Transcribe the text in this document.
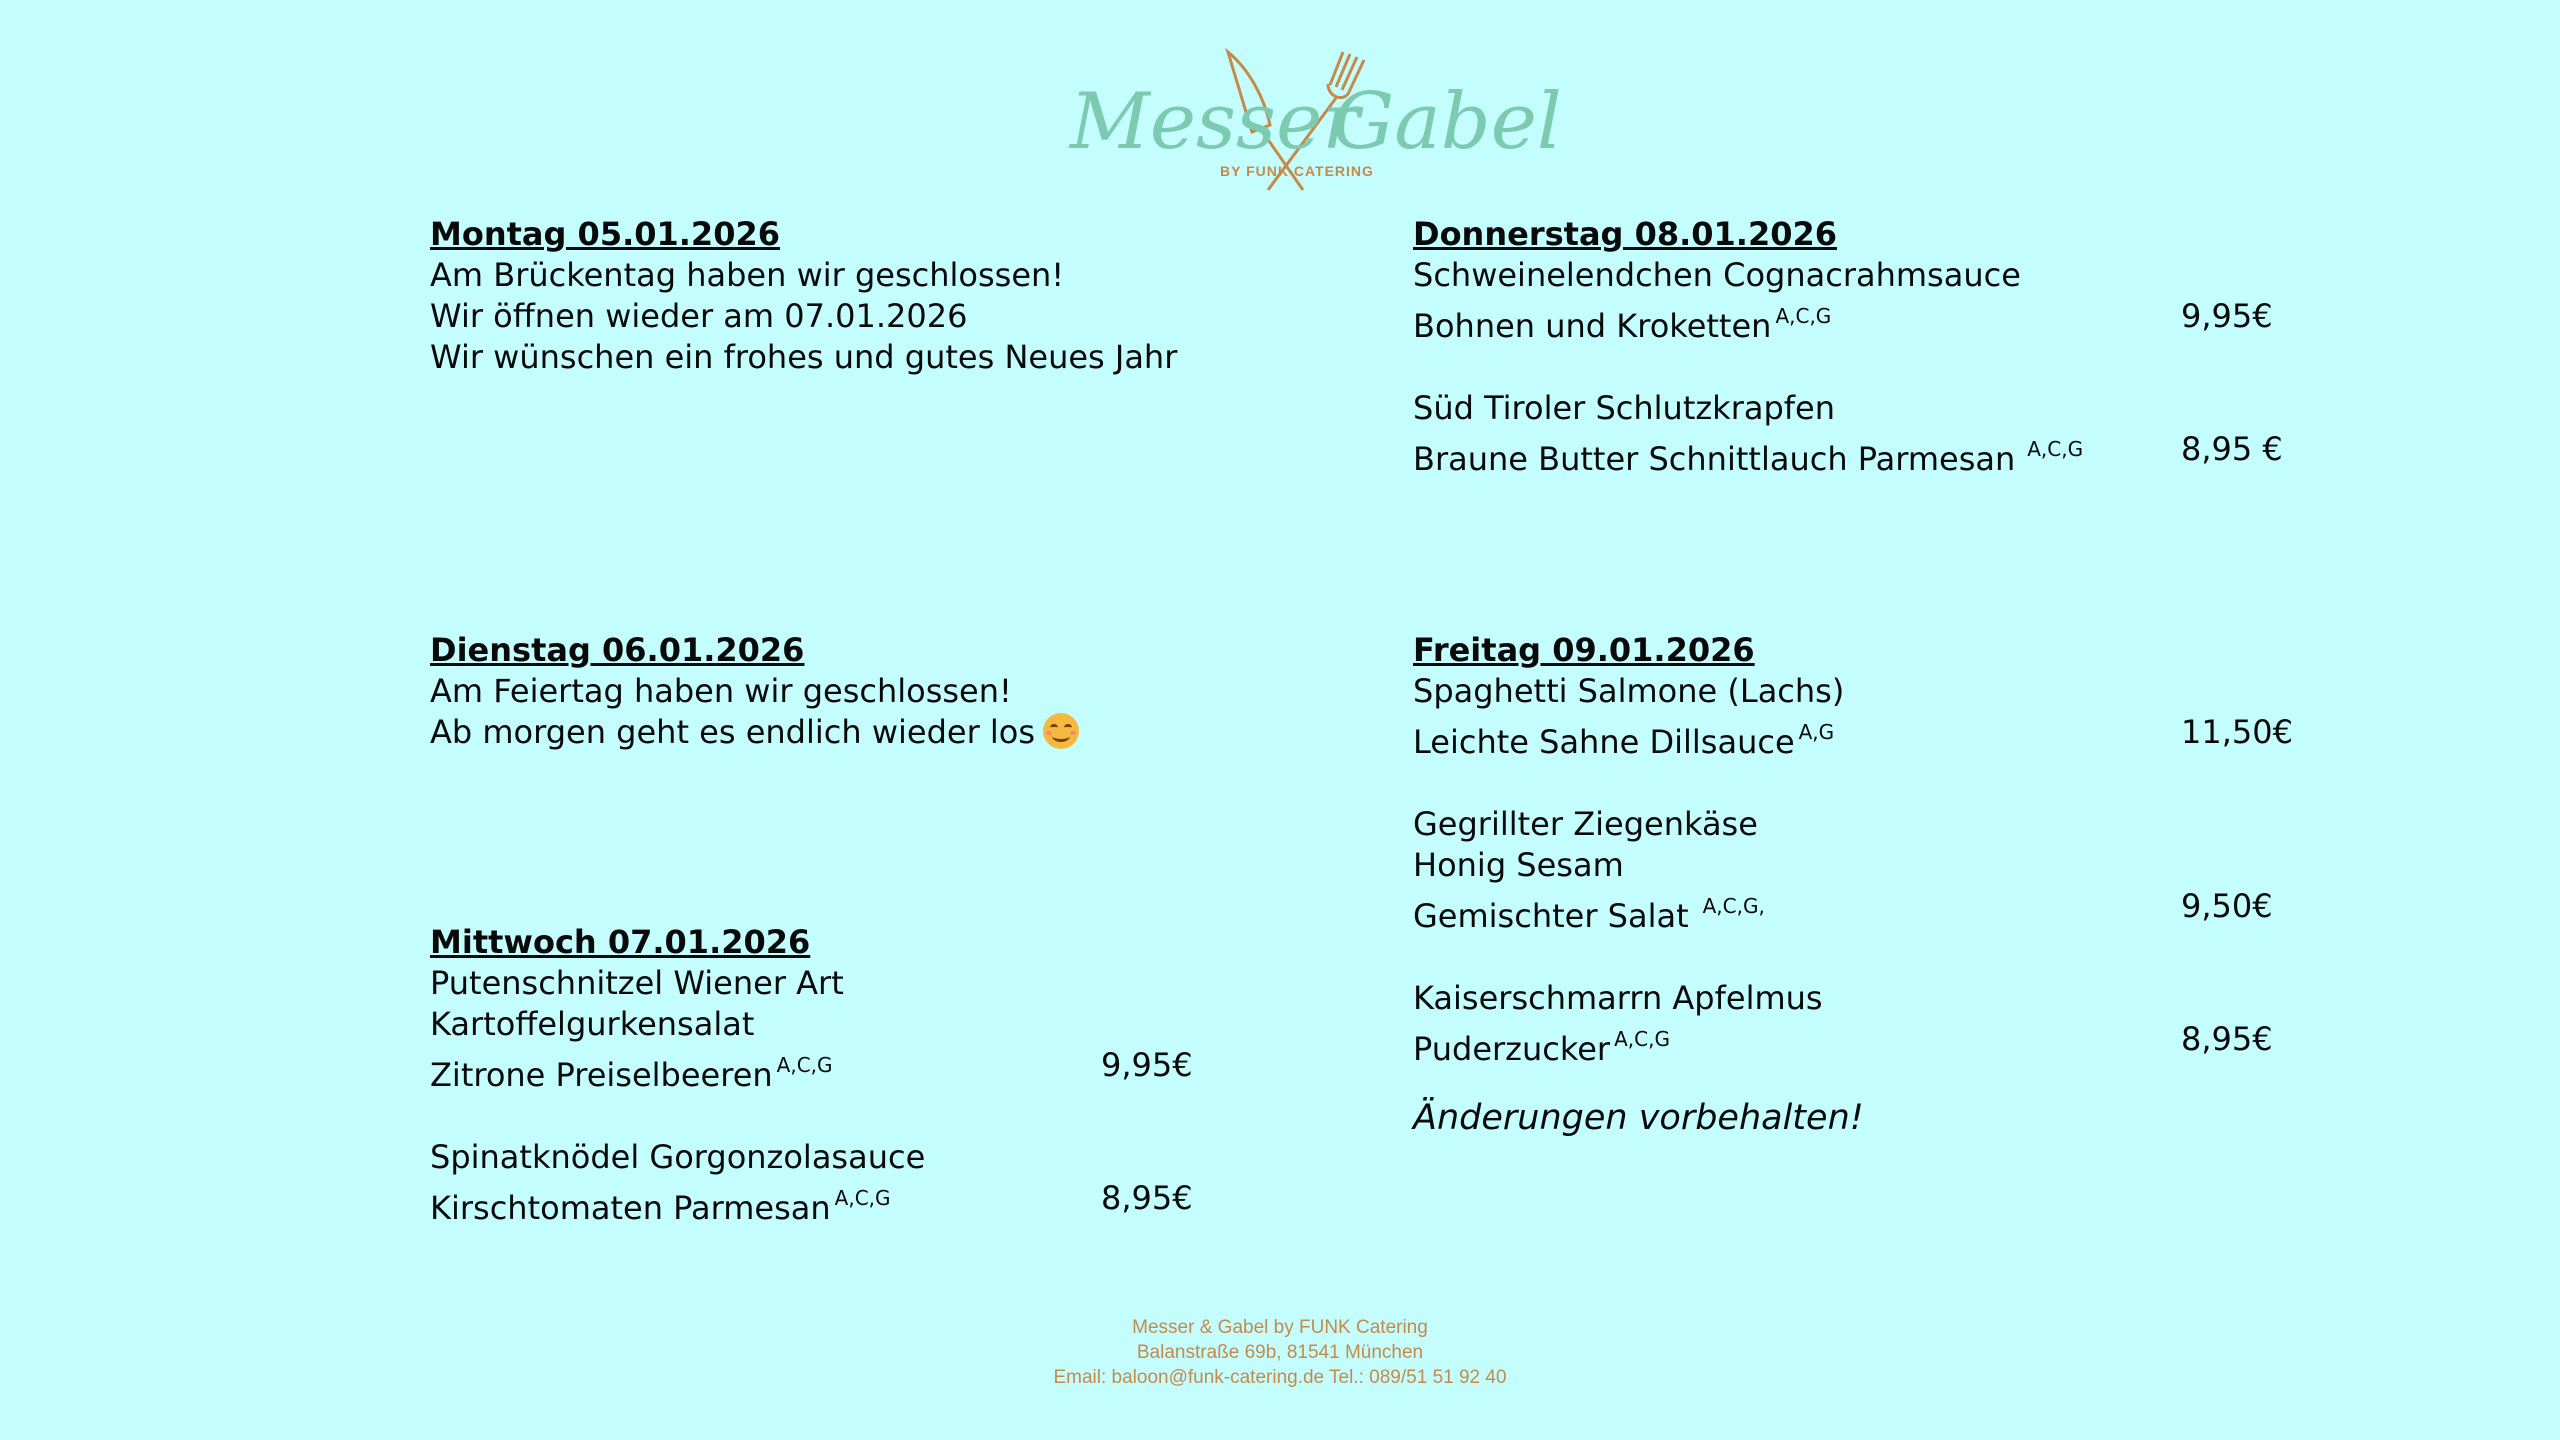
Messer
Gabel
BY FUNK CATERING
Montag 05.01.2026
Am Brückentag haben wir geschlossen!
Wir öffnen wieder am 07.01.2026
Wir wünschen ein frohes und gutes Neues Jahr
Dienstag 06.01.2026
Am Feiertag haben wir geschlossen!
Ab morgen geht es endlich wieder los
Mittwoch 07.01.2026
Putenschnitzel Wiener Art
Kartoffelgurkensalat
Zitrone Preiselbeeren $^{A,C,G}$	9,95€
Spinatknödel Gorgonzolasauce
Kirschtomaten Parmesan $^{A,C,G}$	8,95€
Donnerstag 08.01.2026
Schweinelendchen Cognacrahmsauce
Bohnen und Kroketten $^{A,C,G}$	9,95€
Süd Tiroler Schlutzkrapfen
Braune Butter Schnittlauch Parmesan $^{A,C,G}$	8,95 €
Freitag 09.01.2026
Spaghetti Salmone (Lachs)
Leichte Sahne Dillsauce $^{A,G}$	11,50€
Gegrillter Ziegenkäse
Honig Sesam
Gemischter Salat $^{A,C,G,}$	9,50€
Kaiserschmarrn Apfelmus
Puderzucker $^{A,C,G}$	8,95€
Änderungen vorbehalten!
Messer & Gabel by FUNK Catering
Balanstraße 69b, 81541 München
Email: baloon@funk-catering.de Tel.: 089/51 51 92 40
